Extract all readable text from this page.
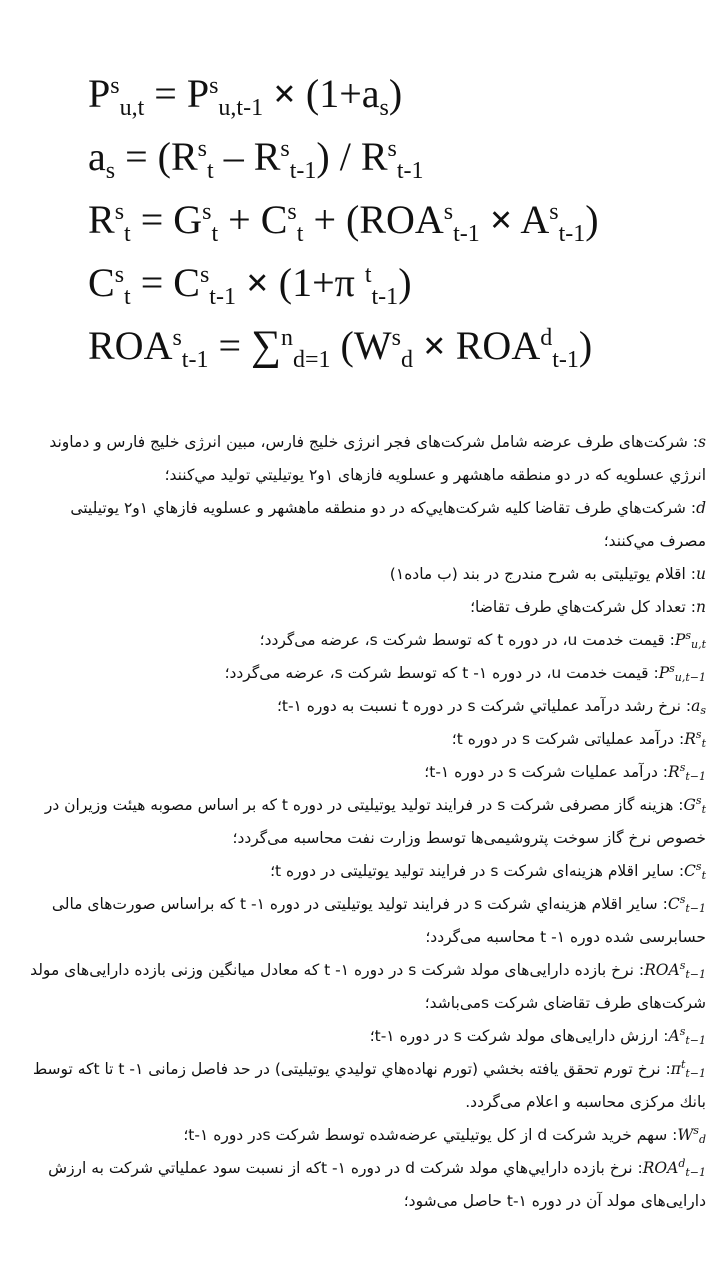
$P^s_{u,t} = P^s_{u,t-1} \times (1+a_s)$
$a_s = (R^s_t - R^s_{t-1}) / R^s_{t-1}$
$R^s_t = G^s_t + C^s_t + (ROA^s_{t-1} \times A^s_{t-1})$
$C^s_t = C^s_{t-1} \times (1+\pi$ $^t_{t-1}$)
$ROA^s_{t-1} = \sum^n_{d=1}$ $(W^s_d \times ROA^d_{t-1})$

s: شرکت‌های طرف عرضه شامل شرکت‌های فجر انرژی خلیج فارس، مبین انرژی خلیج فارس و دماوند انرژي عسلویه که در دو منطقه ماهشهر و عسلویه فازهای ۱و۲ یوتیلیتي تولید مي‌کنند؛

d: شرکت‌هاي طرف تقاضا کلیه شرکت‌هایي‌که در دو منطقه ماهشهر و عسلویه فازهاي ۱و۲ یوتیلیتی مصرف مي‌کنند؛

u: اقلام یوتیلیتی به شرح مندرج در بند (ب ماده۱)

n: تعداد کل شرکت‌هاي طرف تقاضا؛

$P^s_{u,t}$: قیمت خدمت u، در دوره t که توسط شرکت s، عرضه می‌گردد؛

$P^s_{u,t-1}$: قیمت خدمت u، در دوره ۱- t که توسط شرکت s، عرضه می‌گردد؛

$a_s$: نرخ رشد درآمد عملیاتي شرکت s در دوره t نسبت به دوره ۱-t؛

$R^s_t$: درآمد عملیاتی شرکت s در دوره t؛

$R^s_{t-1}$: درآمد عملیات شرکت s در دوره ۱-t؛

$G^s_t$: هزینه گاز مصرفی شرکت s در فرایند تولید یوتیلیتی در دوره t که بر اساس مصوبه هیئت وزیران در خصوص نرخ گاز سوخت پتروشیمی‌ها توسط وزارت نفت محاسبه می‌گردد؛

$C^s_t$: سایر اقلام هزینه‌ای شرکت s در فرایند تولید یوتیلیتی در دوره t؛

$C^s_{t-1}$: سایر اقلام هزینه‌اي شرکت s در فرایند تولید یوتیلیتی در دوره ۱- t که براساس صورت‌های مالی حسابرسی شده دوره ۱- t محاسبه می‌گردد؛

$ROA^s_{t-1}$: نرخ بازده دارایی‌های مولد شرکت s در دوره ۱- t که معادل میانگین وزنی بازده دارایی‌های مولد شرکت‌های طرف تقاضای شرکت sمی‌باشد؛

$A^s_{t-1}$: ارزش دارایی‌های مولد شرکت s در دوره ۱-t؛

$\pi^t_{t-1}$: نرخ تورم تحقق یافته بخشي (تورم نهاده‌هاي تولیدي یوتیلیتی) در حد فاصل زمانی ۱- t تا tکه توسط بانك مرکزی محاسبه و اعلام می‌گردد.

$W^s_d$: سهم خرید شرکت d از کل یوتیلیتي عرضه‌شده توسط شرکت sدر دوره ۱-t؛

$ROA^d_{t-1}$: نرخ بازده دارایي‌هاي مولد شرکت d در دوره ۱- tکه از نسبت سود عملیاتي شرکت به ارزش دارایی‌های مولد آن در دوره ۱-t حاصل می‌شود؛
